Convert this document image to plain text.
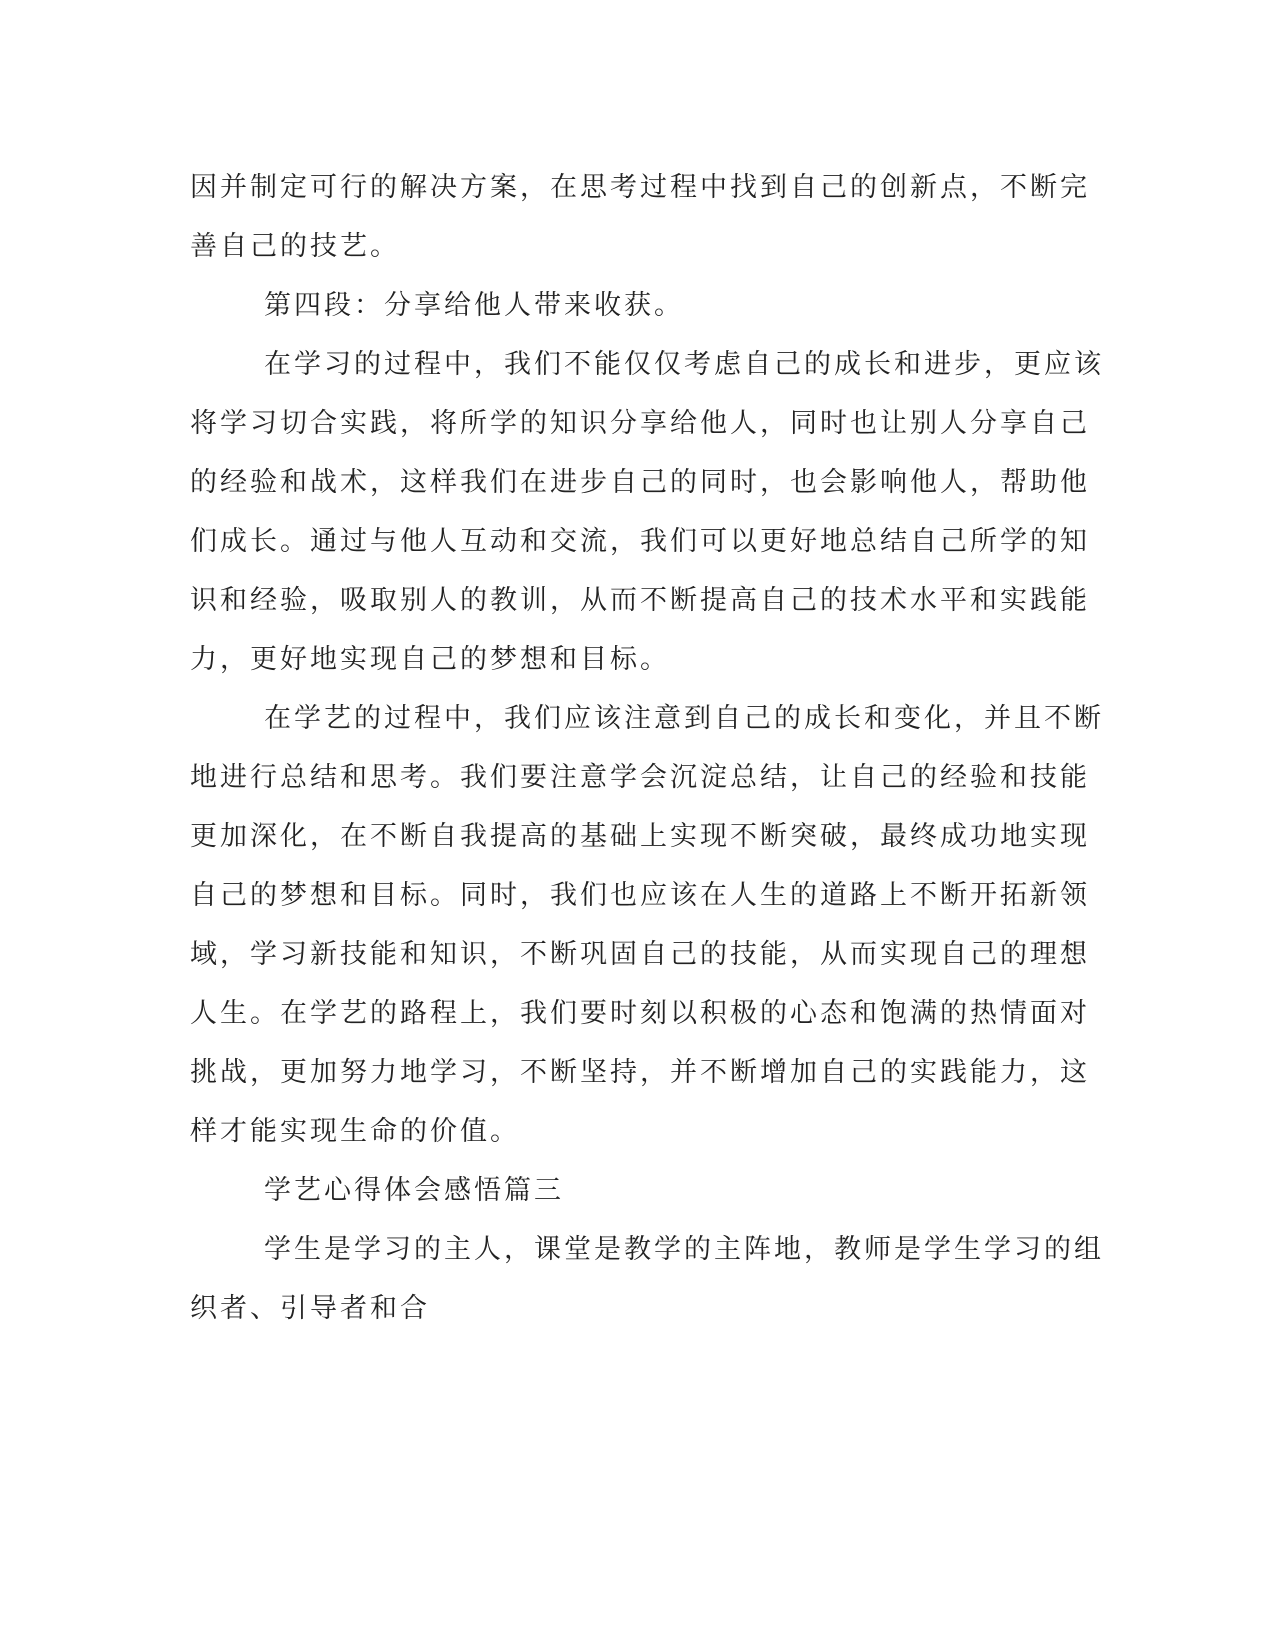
因并制定可行的解决方案，在思考过程中找到自己的创新点，不断完
善自己的技艺。

第四段：分享给他人带来收获。

在学习的过程中，我们不能仅仅考虑自己的成长和进步，更应该
将学习切合实践，将所学的知识分享给他人，同时也让别人分享自己
的经验和战术，这样我们在进步自己的同时，也会影响他人，帮助他
们成长。通过与他人互动和交流，我们可以更好地总结自己所学的知
识和经验，吸取别人的教训，从而不断提高自己的技术水平和实践能
力，更好地实现自己的梦想和目标。

在学艺的过程中，我们应该注意到自己的成长和变化，并且不断
地进行总结和思考。我们要注意学会沉淀总结，让自己的经验和技能
更加深化，在不断自我提高的基础上实现不断突破，最终成功地实现
自己的梦想和目标。同时，我们也应该在人生的道路上不断开拓新领
域，学习新技能和知识，不断巩固自己的技能，从而实现自己的理想
人生。在学艺的路程上，我们要时刻以积极的心态和饱满的热情面对
挑战，更加努力地学习，不断坚持，并不断增加自己的实践能力，这
样才能实现生命的价值。

学艺心得体会感悟篇三

学生是学习的主人，课堂是教学的主阵地，教师是学生学习的组
织者、引导者和合
